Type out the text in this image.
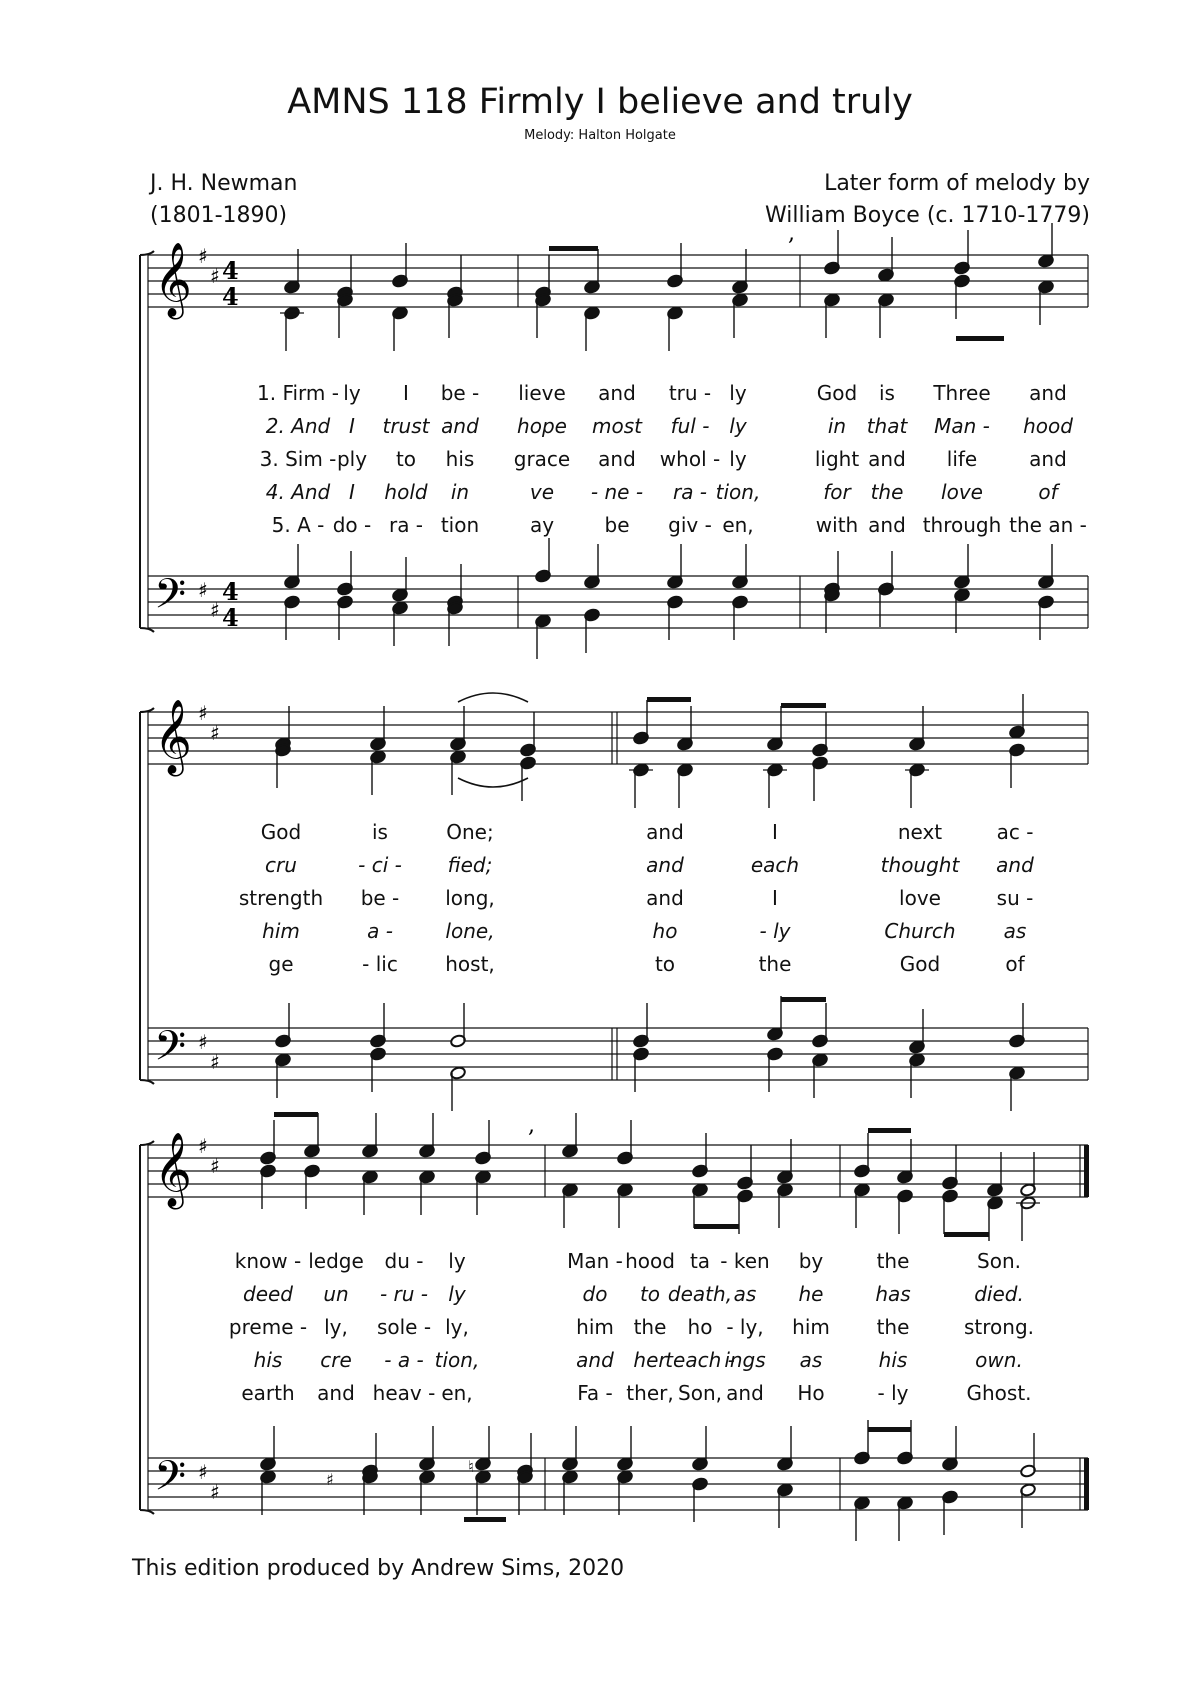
AMNS 118 Firmly I believe and truly
Melody: Halton Holgate
J. H. Newman
(1801-1890)
Later form of melody by
William Boyce (c. 1710-1779)
𝄞
𝄢
♯
♯
♯
♯
4
4
4
4
,
1. Firm - ly I be - lieve and tru - ly	God is Three and
2. And I trust and hope most ful - ly	in that Man - hood
3. Sim - ply to his grace and whol - ly	light and life	and
4. And I hold in	ve - ne - ra - tion,	for the love	of
5. A - do - ra - tion	ay	be giv - en,	with and through the an -
𝄞
𝄢
♯
♯
♯
♯
God	is	One;	and	I	next	ac -
cru	- ci - fied;	and	each	thought and
strength be - long,	and	I	love	su -
him	a -	lone,	ho	- ly	Church as
ge	- lic host,	to	the	God	of
𝄞
𝄢
♯
♯
♯
♯
,
♯
♮
know - ledge du - ly	Man - hood ta - ken by	the	Son.
deed un - ru - ly	do to death, as he	has	died.
preme - ly, sole - ly,	him the ho - ly, him the	strong.
his cre - a - tion,	and her
teach -
ings as	his	own.
earth and heav - en,	Fa - ther, Son, and Ho	- ly	Ghost.
This edition produced by Andrew Sims, 2020
